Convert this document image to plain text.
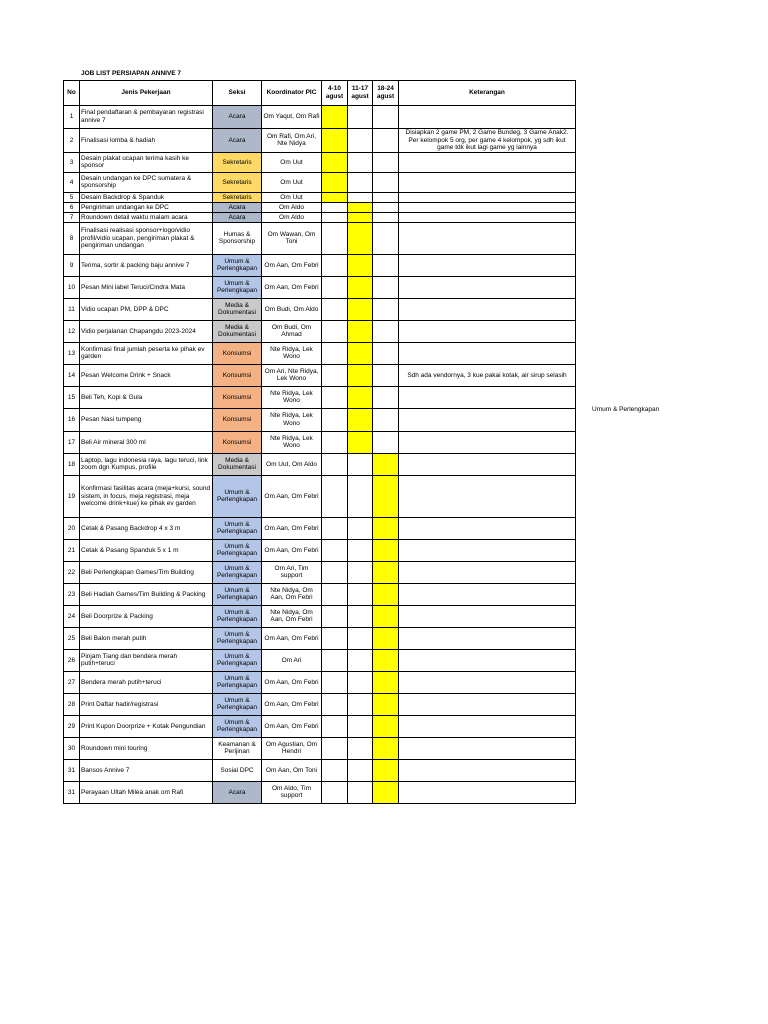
JOB LIST PERSIAPAN ANNIVE 7
No	Jenis Pekerjaan	Seksi	Koordinator PIC	4-10 agust	11-17 agust	18-24 agust	Keterangan
1	Final pendaftaran & pembayaran registrasi annive 7	Acara	Om Yaqut, Om Rafi				
2	Finalisasi lomba & hadiah	Acara	Om Rafi, Om Ari, Nte Nidya				Disiapkan 2 game PM, 2 Game Bundeg, 3 Game Anak2. Per kelompok 5 org, per game 4 kelompok, yg sdh ikut game tdk ikut lagi game yg lainnya
3	Desain plakat ucapan terima kasih ke sponsor	Sekretaris	Om Uut				
4	Desain undangan ke DPC sumatera & sponsorship	Sekretaris	Om Uut				
5	Desain Backdrop & Spanduk	Sekretaris	Om Uut				
6	Pengiriman undangan ke DPC	Acara	Om Aldo				
7	Roundown detail waktu malam acara	Acara	Om Aldo				
8	Finalisasi realisasi sponsor+logo/vidio profil/vidio ucapan, pengiriman plakat & pengiriman undangan	Humas & Sponsorship	Om Wawan, Om Toni				
9	Terima, sortir & packing baju annive 7	Umum & Perlengkapan	Om Aan, Om Febri				
10	Pesan Mini label Teruci/Cindra Mata	Umum & Perlengkapan	Om Aan, Om Febri				
11	Vidio ucapan PM, DPP & DPC	Media & Dokumentasi	Om Budi, Om Aldo				
12	Vidio perjalanan Chapangdu 2023-2024	Media & Dokumentasi	Om Budi, Om Ahmad				
13	Konfirmasi final jumlah peserta ke pihak ev garden	Konsumsi	Nte Ridya, Lek Wono				
14	Pesan Welcome Drink + Snack	Konsumsi	Om Ari, Nte Ridya, Lek Wono				Sdh ada vendornya, 3 kue pakai kotak, air sirup selasih
15	Beli Teh, Kopi & Gula	Konsumsi	Nte Ridya, Lek Wono				
16	Pesan Nasi tumpeng	Konsumsi	Nte Ridya, Lek Wono				
17	Beli Air mineral 300 ml	Konsumsi	Nte Ridya, Lek Wono				
18	Laptop, lagu indonesia raya, lagu teruci, link zoom dgn Kumpus, profile	Media & Dokumentasi	Om Uut, Om Aldo				
19	Konfirmasi fasilitas acara (meja+kursi, sound sistem, in focus, meja registrasi, meja welcome drink+kue) ke pihak ev garden	Umum & Perlengkapan	Om Aan, Om Febri				
20	Cetak & Pasang Backdrop 4 x 3 m	Umum & Perlengkapan	Om Aan, Om Febri				
21	Cetak & Pasang Spanduk 5 x 1 m	Umum & Perlengkapan	Om Aan, Om Febri				
22	Beli Perlengkapan Games/Tim Building	Umum & Perlengkapan	Om Ari, Tim support				
23	Beli Hadiah Games/Tim Building & Packing	Umum & Perlengkapan	Nte Nidya, Om Aan, Om Febri				
24	Beli Doorprize & Packing	Umum & Perlengkapan	Nte Nidya, Om Aan, Om Febri				
25	Beli Balon merah putih	Umum & Perlengkapan	Om Aan, Om Febri				
26	Pinjam Tiang dan bendera merah putih+teruci	Umum & Perlengkapan	Om Ari				
27	Bendera merah putih+teruci	Umum & Perlengkapan	Om Aan, Om Febri				
28	Print Daftar hadir/registrasi	Umum & Perlengkapan	Om Aan, Om Febri				
29	Print Kupon Doorprize + Kotak Pengundian	Umum & Perlengkapan	Om Aan, Om Febri				
30	Roundown mini touring	Keamanan & Perijinan	Om Agustian, Om Hendri				
31	Bansos Annive 7	Sosial DPC	Om Aan, Om Toni				
31	Perayaan Ultah Milea anak om Rafi	Acara	Om Aldo, Tim support				
Umum & Perlengkapan
